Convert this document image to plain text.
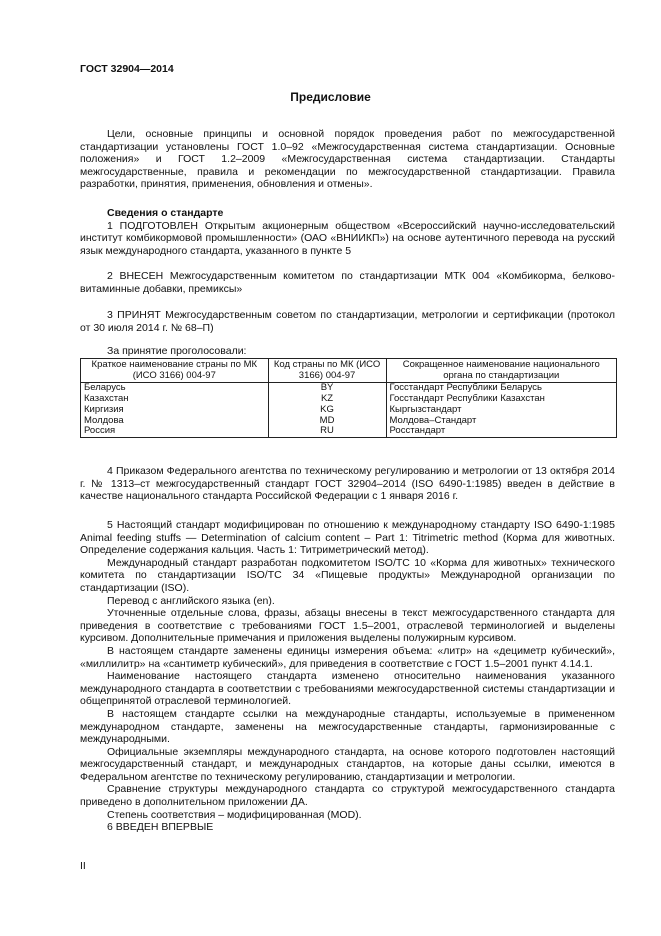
ГОСТ 32904—2014
Предисловие

Цели, основные принципы и основной порядок проведения работ по межгосударственной стандартизации установлены ГОСТ 1.0–92 «Межгосударственная система стандартизации. Основные положения» и ГОСТ 1.2–2009 «Межгосударственная система стандартизации. Стандарты межгосударственные, правила и рекомендации по межгосударственной стандартизации. Правила разработки, принятия, применения, обновления и отмены».

Сведения о стандарте

1 ПОДГОТОВЛЕН Открытым акционерным обществом «Всероссийский научно-исследовательский институт комбикормовой промышленности» (ОАО «ВНИИКП») на основе аутентичного перевода на русский язык международного стандарта, указанного в пункте 5

2 ВНЕСЕН Межгосударственным комитетом по стандартизации МТК 004 «Комбикорма, белково-витаминные добавки, премиксы»

3 ПРИНЯТ Межгосударственным советом по стандартизации, метрологии и сертификации (протокол от 30 июля 2014 г. № 68–П)

За принятие проголосовали:

Краткое наименование страны по МК (ИСО 3166) 004-97	Код страны по МК (ИСО 3166) 004-97	Сокращенное наименование национального органа по стандартизации
Беларусь	BY	Госстандарт Республики Беларусь
Казахстан	KZ	Госстандарт Республики Казахстан
Киргизия	KG	Кыргызстандарт
Молдова	MD	Молдова–Стандарт
Россия	RU	Росстандарт

4 Приказом Федерального агентства по техническому регулированию и метрологии от 13 октября 2014 г. № 1313–ст межгосударственный стандарт ГОСТ 32904–2014 (ISO 6490-1:1985) введен в действие в качестве национального стандарта Российской Федерации с 1 января 2016 г.

5 Настоящий стандарт модифицирован по отношению к международному стандарту ISO 6490-1:1985 Animal feeding stuffs — Determination of calcium content – Part 1: Titrimetric method (Корма для животных. Определение содержания кальция. Часть 1: Титриметрический метод).

Международный стандарт разработан подкомитетом ISO/TC 10 «Корма для животных» технического комитета по стандартизации ISO/TC 34 «Пищевые продукты» Международной организации по стандартизации (ISO).

Перевод с английского языка (en).

Уточненные отдельные слова, фразы, абзацы внесены в текст межгосударственного стандарта для приведения в соответствие с требованиями ГОСТ 1.5–2001, отраслевой терминологией и выделены курсивом. Дополнительные примечания и приложения выделены полужирным курсивом.

В настоящем стандарте заменены единицы измерения объема: «литр» на «дециметр кубический», «миллилитр» на «сантиметр кубический», для приведения в соответствие с ГОСТ 1.5–2001 пункт 4.14.1.

Наименование настоящего стандарта изменено относительно наименования указанного международного стандарта в соответствии с требованиями межгосударственной системы стандартизации и общепринятой отраслевой терминологией.

В настоящем стандарте ссылки на международные стандарты, используемые в примененном международном стандарте, заменены на межгосударственные стандарты, гармонизированные с международными.

Официальные экземпляры международного стандарта, на основе которого подготовлен настоящий межгосударственный стандарт, и международных стандартов, на которые даны ссылки, имеются в Федеральном агентстве по техническому регулированию, стандартизации и метрологии.

Сравнение структуры международного стандарта со структурой межгосударственного стандарта приведено в дополнительном приложении ДА.

Степень соответствия – модифицированная (MOD).

6 ВВЕДЕН ВПЕРВЫЕ

II
